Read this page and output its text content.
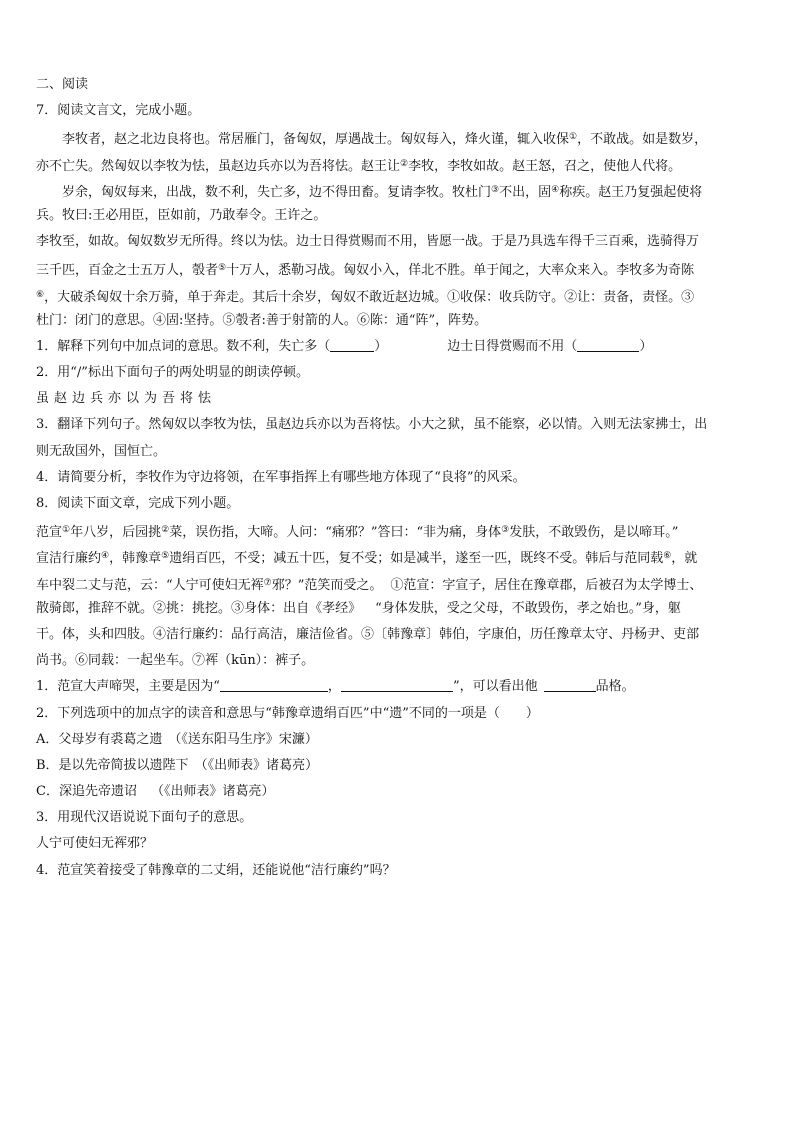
二、阅读
7．阅读文言文，完成小题。
李牧者，赵之北边良将也。常居雁门，备匈奴，厚遇战士。匈奴每入，烽火谨，辄入收保①，不敢战。如是数岁，
亦不亡失。然匈奴以李牧为怯，虽赵边兵亦以为吾将怯。赵王让②李牧，李牧如故。赵王怒，召之，使他人代将。
岁余，匈奴每来，出战，数不利，失亡多，边不得田畜。复请李牧。牧杜门③不出，固④称疾。赵王乃复强起使将
兵。牧曰:王必用臣，臣如前，乃敢奉令。王许之。
李牧至，如故。匈奴数岁无所得。终以为怯。边士日得赏赐而不用，皆愿一战。于是乃具选车得千三百乘，选骑得万
三千匹，百金之士五万人，彀者⑤十万人，悉勒习战。匈奴小入，佯北不胜。单于闻之，大率众来入。李牧多为奇陈
⑥，大破杀匈奴十余万骑，单于奔走。其后十余岁，匈奴不敢近赵边城。①收保：收兵防守。②让：责备，责怪。③
杜门：闭门的意思。④固:坚持。⑤彀者:善于射箭的人。⑥陈：通“阵”，阵势。
1．解释下列句中加点词的意思。数不利，失亡多（	）	边士日得赏赐而不用（	）
2．用“/”标出下面句子的两处明显的朗读停顿。
虽赵边兵亦以为吾将怯
3．翻译下列句子。然匈奴以李牧为怯，虽赵边兵亦以为吾将怯。小大之狱，虽不能察，必以情。入则无法家拂士，出
则无敌国外，国恒亡。
4．请简要分析，李牧作为守边将领，在军事指挥上有哪些地方体现了“良将”的风采。
8．阅读下面文章，完成下列小题。
范宣①年八岁，后园挑②菜，误伤指，大啼。人问：“痛邪？”答曰：“非为痛，身体③发肤，不敢毁伤，是以啼耳。”
宣洁行廉约④，韩豫章⑤遗绢百匹，不受；减五十匹，复不受；如是减半，遂至一匹，既终不受。韩后与范同载⑥，就
车中裂二丈与范，云：“人宁可使妇无裈⑦邪？”范笑而受之。 ①范宣：字宣子，居住在豫章郡，后被召为太学博士、
散骑郎，推辞不就。②挑：挑挖。③身体：出自《孝经》 “身体发肤，受之父母，不敢毁伤，孝之始也。”身，躯
干。体，头和四肢。④洁行廉约：品行高洁，廉洁俭省。⑤〔韩豫章〕韩伯，字康伯，历任豫章太守、丹杨尹、吏部
尚书。⑥同载：一起坐车。⑦裈（kūn）：裤子。
1．范宣大声啼哭，主要是因为“	，	”，可以看出他	品格。
2．下列选项中的加点字的读音和意思与“韩豫章遗绢百匹”中“遗”不同的一项是（　　）
A．父母岁有裘葛之遗 （《送东阳马生序》宋濂）
B．是以先帝简拔以遗陛下 （《出师表》诸葛亮）
C．深追先帝遗诏 （《出师表》诸葛亮）
3．用现代汉语说说下面句子的意思。
人宁可使妇无裈邪？
4．范宣笑着接受了韩豫章的二丈绢，还能说他“洁行廉约”吗？
